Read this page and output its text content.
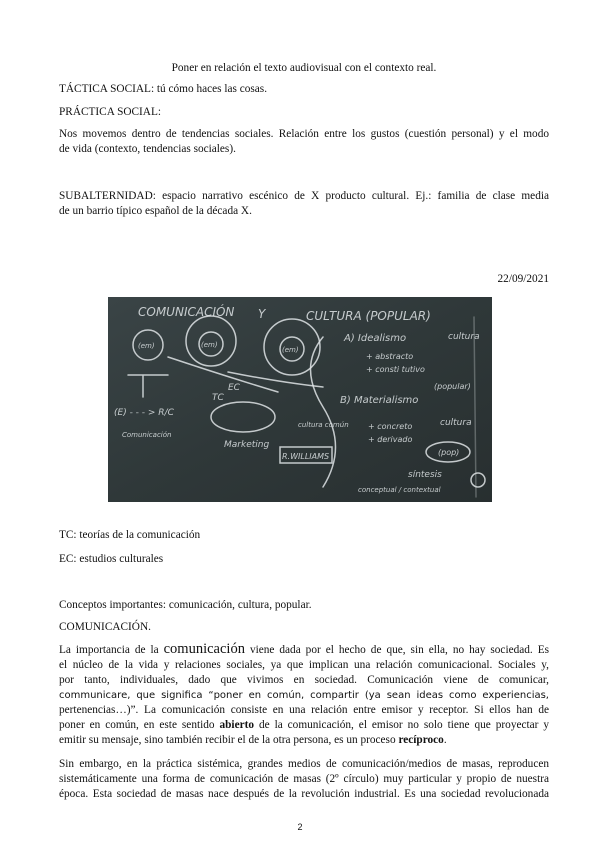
Poner en relación el texto audiovisual con el contexto real.
TÁCTICA SOCIAL: tú cómo haces las cosas.
PRÁCTICA SOCIAL:
Nos movemos dentro de tendencias sociales. Relación entre los gustos (cuestión personal) y el modo
de vida (contexto, tendencias sociales).
SUBALTERNIDAD: espacio narrativo escénico de X producto cultural. Ej.: familia de clase media
de un barrio típico español de la década X.
22/09/2021
COMUNICACIÓN Y	CULTURA (POPULAR)
(em)	(em)
(em)
(E) - - - > R/C
Comunicación
TC
EC
Marketing
cultura común
R.WILLIAMS
A) Idealismo
+ abstracto
+ consti tutivo
cultura
(popular)
B) Materialismo
+ concreto
+ derivado
cultura
(pop)
síntesis
conceptual / contextual
TC: teorías de la comunicación
EC: estudios culturales
Conceptos importantes: comunicación, cultura, popular.
COMUNICACIÓN.
La importancia de la comunicación viene dada por el hecho de que, sin ella, no hay sociedad. Es
el núcleo de la vida y relaciones sociales, ya que implican una relación comunicacional. Sociales y,
por tanto, individuales, dado que vivimos en sociedad. Comunicación viene de comunicar,
communicare, que significa “poner en común, compartir (ya sean ideas como experiencias,
pertenencias…)”. La comunicación consiste en una relación entre emisor y receptor. Si ellos han de
poner en común, en este sentido abierto de la comunicación, el emisor no solo tiene que proyectar y
emitir su mensaje, sino también recibir el de la otra persona, es un proceso recíproco.
Sin embargo, en la práctica sistémica, grandes medios de comunicación/medios de masas, reproducen
sistemáticamente una forma de comunicación de masas (2º círculo) muy particular y propio de nuestra
época. Esta sociedad de masas nace después de la revolución industrial. Es una sociedad revolucionada
2
